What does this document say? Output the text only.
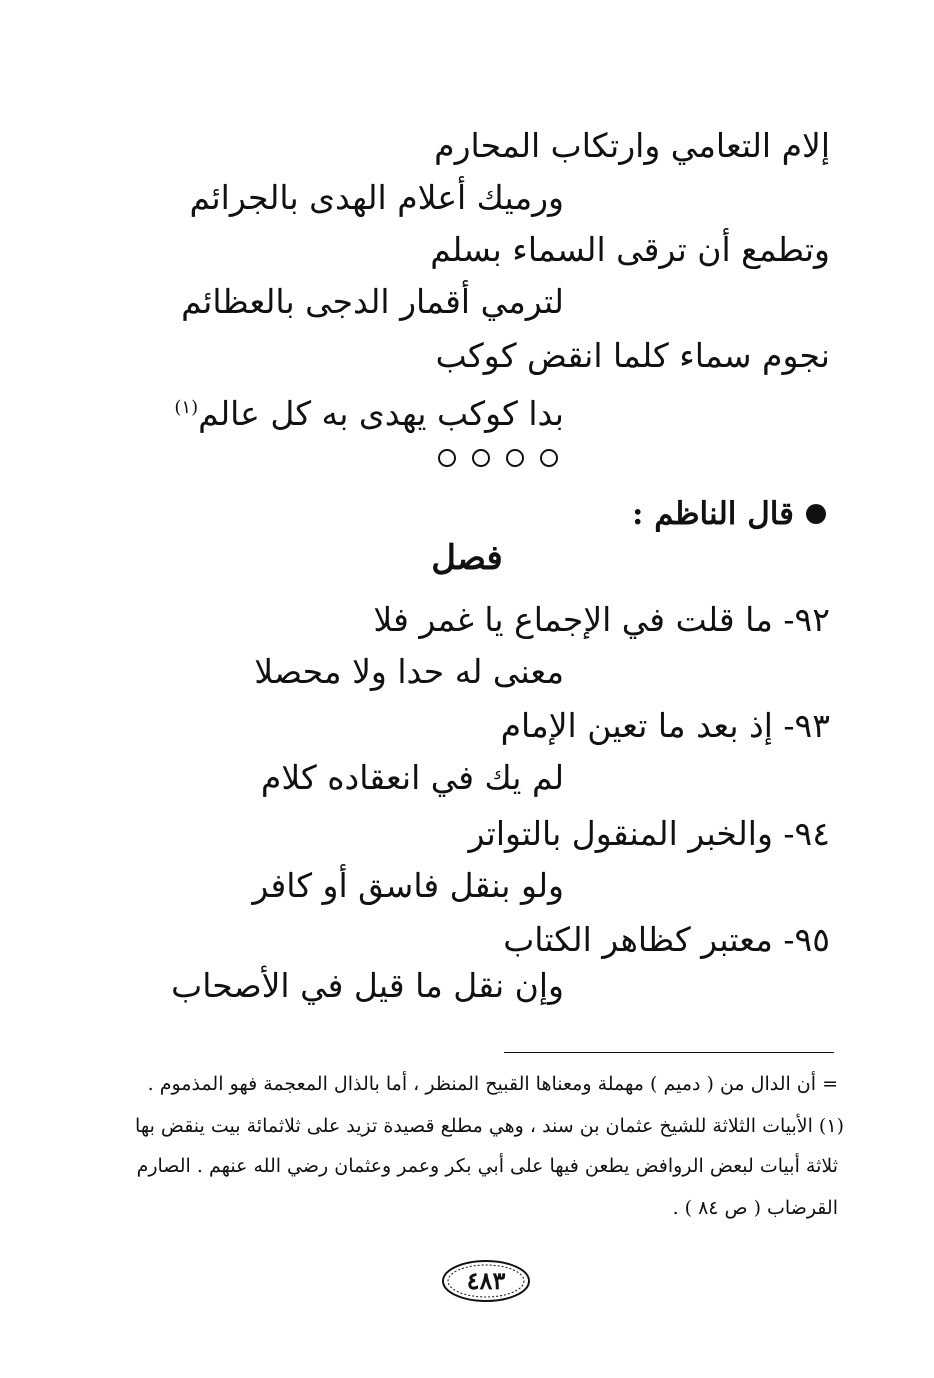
إلام التعامي وارتكاب المحارم
ورميك أعلام الهدى بالجرائم
وتطمع أن ترقى السماء بسلم
لترمي أقمار الدجى بالعظائم
نجوم سماء كلما انقض كوكب
بدا كوكب يهدى به كل عالم$^{(١)}$
قال الناظم :
فصل
٩٢- ما قلت في الإجماع يا غمر فلا
معنى له حدا ولا محصلا
٩٣- إذ بعد ما تعين الإمام
لم يك في انعقاده كلام
٩٤- والخبر المنقول بالتواتر
ولو بنقل فاسق أو كافر
٩٥- معتبر كظاهر الكتاب
وإن نقل ما قيل في الأصحاب
= أن الدال من ( دميم ) مهملة ومعناها القبيح المنظر ، أما بالذال المعجمة فهو المذموم .
(١) الأبيات الثلاثة للشيخ عثمان بن سند ، وهي مطلع قصيدة تزيد على ثلاثمائة بيت ينقض بها
ثلاثة أبيات لبعض الروافض يطعن فيها على أبي بكر وعمر وعثمان رضي الله عنهم . الصارم
القرضاب ( ص ٨٤ ) .
٤٨٣
